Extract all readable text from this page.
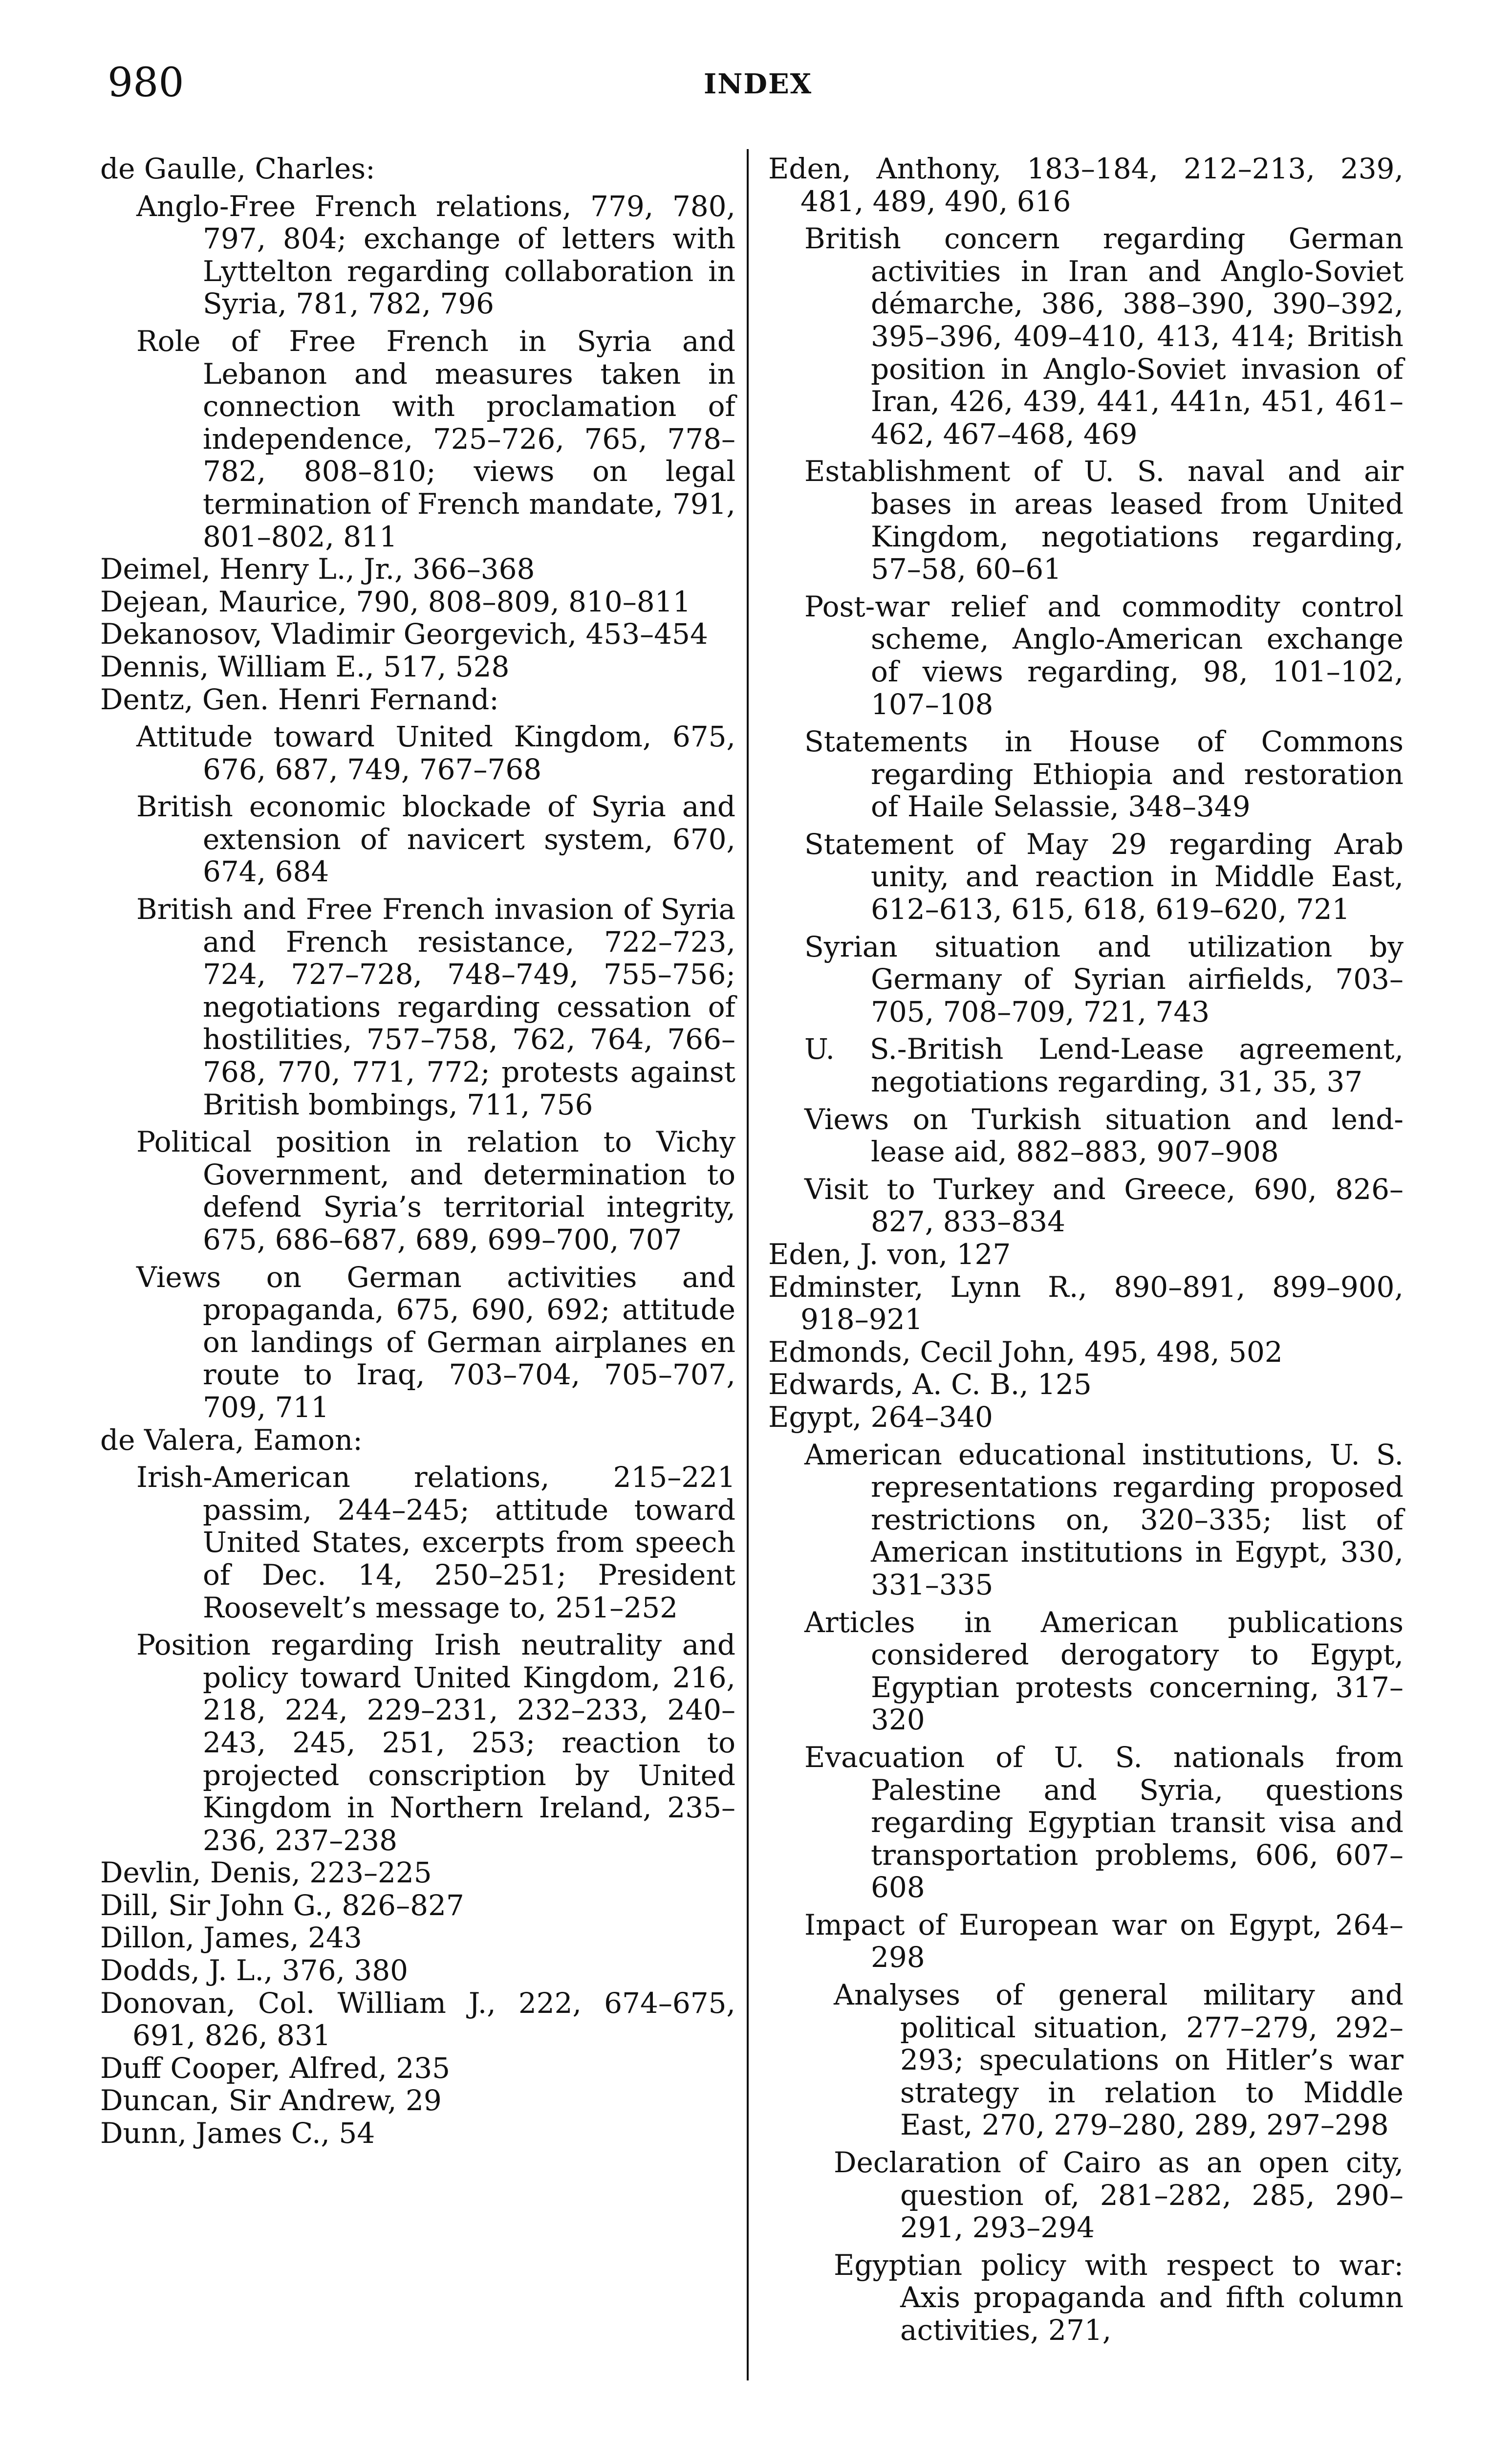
980	INDEX

de Gaulle, Charles:

Anglo-Free French relations, 779, 780, 797, 804; exchange of letters with Lyttelton regarding collaboration in Syria, 781, 782, 796

Role of Free French in Syria and Lebanon and measures taken in connection with proclamation of independence, 725–726, 765, 778–782, 808–810; views on legal termination of French mandate, 791, 801–802, 811

Deimel, Henry L., Jr., 366–368

Dejean, Maurice, 790, 808–809, 810–811

Dekanosov, Vladimir Georgevich, 453–454

Dennis, William E., 517, 528

Dentz, Gen. Henri Fernand:

Attitude toward United Kingdom, 675, 676, 687, 749, 767–768

British economic blockade of Syria and extension of navicert system, 670, 674, 684

British and Free French invasion of Syria and French resistance, 722–723, 724, 727–728, 748–749, 755–756; negotiations regarding cessation of hostilities, 757–758, 762, 764, 766–768, 770, 771, 772; protests against British bombings, 711, 756

Political position in relation to Vichy Government, and determination to defend Syria’s territorial integrity, 675, 686–687, 689, 699–700, 707

Views on German activities and propaganda, 675, 690, 692; attitude on landings of German airplanes en route to Iraq, 703–704, 705–707, 709, 711

de Valera, Eamon:

Irish-American relations, 215–221 passim, 244–245; attitude toward United States, excerpts from speech of Dec. 14, 250–251; President Roosevelt’s message to, 251–252

Position regarding Irish neutrality and policy toward United Kingdom, 216, 218, 224, 229–231, 232–233, 240–243, 245, 251, 253; reaction to projected conscription by United Kingdom in Northern Ireland, 235–236, 237–238

Devlin, Denis, 223–225

Dill, Sir John G., 826–827

Dillon, James, 243

Dodds, J. L., 376, 380

Donovan, Col. William J., 222, 674–675, 691, 826, 831

Duff Cooper, Alfred, 235

Duncan, Sir Andrew, 29

Dunn, James C., 54

Eden, Anthony, 183–184, 212–213, 239, 481, 489, 490, 616

British concern regarding German activities in Iran and Anglo-Soviet démarche, 386, 388–390, 390–392, 395–396, 409–410, 413, 414; British position in Anglo-Soviet invasion of Iran, 426, 439, 441, 441n, 451, 461–462, 467–468, 469

Establishment of U. S. naval and air bases in areas leased from United Kingdom, negotiations regarding, 57–58, 60–61

Post-war relief and commodity control scheme, Anglo-American exchange of views regarding, 98, 101–102, 107–108

Statements in House of Commons regarding Ethiopia and restoration of Haile Selassie, 348–349

Statement of May 29 regarding Arab unity, and reaction in Middle East, 612–613, 615, 618, 619–620, 721

Syrian situation and utilization by Germany of Syrian airfields, 703–705, 708–709, 721, 743

U. S.-British Lend-Lease agreement, negotiations regarding, 31, 35, 37

Views on Turkish situation and lend-lease aid, 882–883, 907–908

Visit to Turkey and Greece, 690, 826–827, 833–834

Eden, J. von, 127

Edminster, Lynn R., 890–891, 899–900, 918–921

Edmonds, Cecil John, 495, 498, 502

Edwards, A. C. B., 125

Egypt, 264–340

American educational institutions, U. S. representations regarding proposed restrictions on, 320–335; list of American institutions in Egypt, 330, 331–335

Articles in American publications considered derogatory to Egypt, Egyptian protests concerning, 317–320

Evacuation of U. S. nationals from Palestine and Syria, questions regarding Egyptian transit visa and transportation problems, 606, 607–608

Impact of European war on Egypt, 264–298

Analyses of general military and political situation, 277–279, 292–293; speculations on Hitler’s war strategy in relation to Middle East, 270, 279–280, 289, 297–298

Declaration of Cairo as an open city, question of, 281–282, 285, 290–291, 293–294

Egyptian policy with respect to war: Axis propaganda and fifth column activities, 271,
